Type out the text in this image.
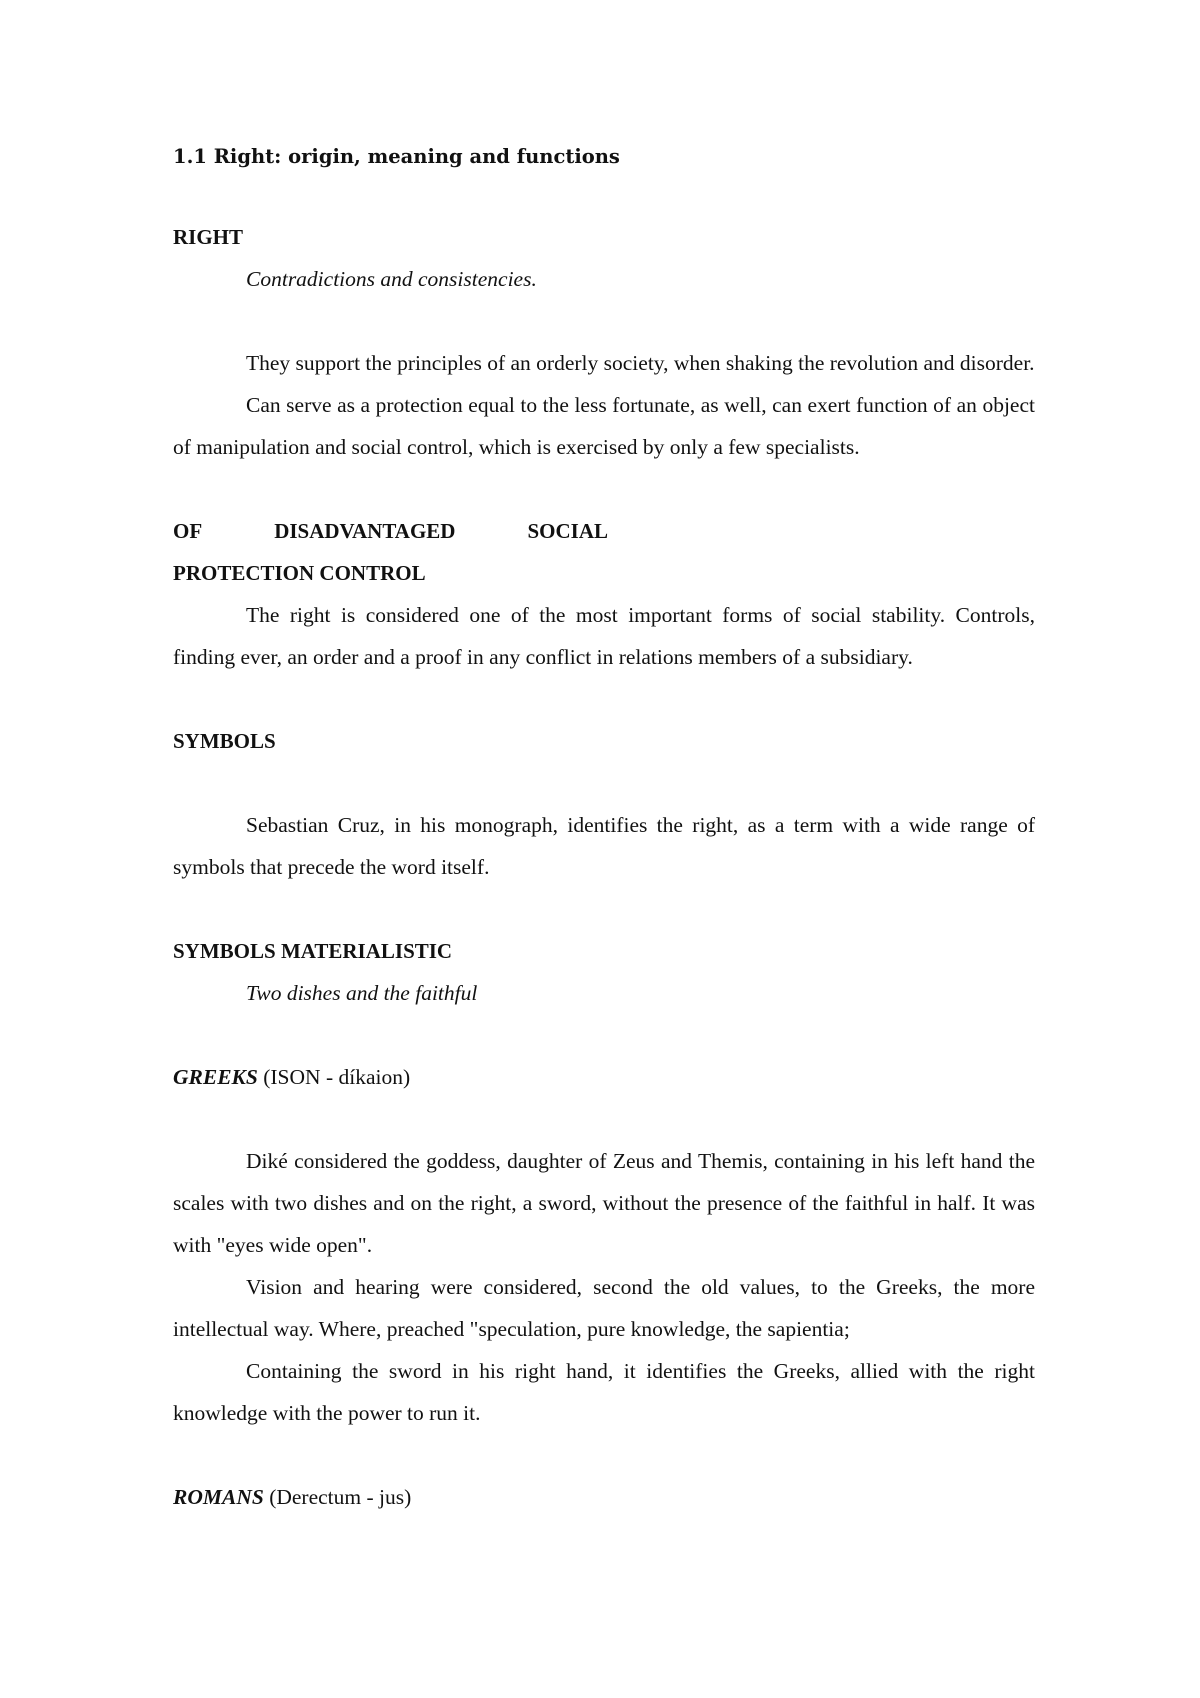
1.1 Right: origin, meaning and functions
RIGHT

Contradictions and consistencies.

They support the principles of an orderly society, when shaking the revolution and disorder.

Can serve as a protection equal to the less fortunate, as well, can exert function of an object of manipulation and social control, which is exercised by only a few specialists.

OF	DISADVANTAGED	SOCIAL
PROTECTION CONTROL

The right is considered one of the most important forms of social stability. Controls, finding ever, an order and a proof in any conflict in relations members of a subsidiary.

SYMBOLS

Sebastian Cruz, in his monograph, identifies the right, as a term with a wide range of symbols that precede the word itself.

SYMBOLS MATERIALISTIC

Two dishes and the faithful

GREEKS (ISON - díkaion)

Diké considered the goddess, daughter of Zeus and Themis, containing in his left hand the scales with two dishes and on the right, a sword, without the presence of the faithful in half. It was with "eyes wide open".

Vision and hearing were considered, second the old values, to the Greeks, the more intellectual way. Where, preached "speculation, pure knowledge, the sapientia;

Containing the sword in his right hand, it identifies the Greeks, allied with the right knowledge with the power to run it.

ROMANS (Derectum - jus)
